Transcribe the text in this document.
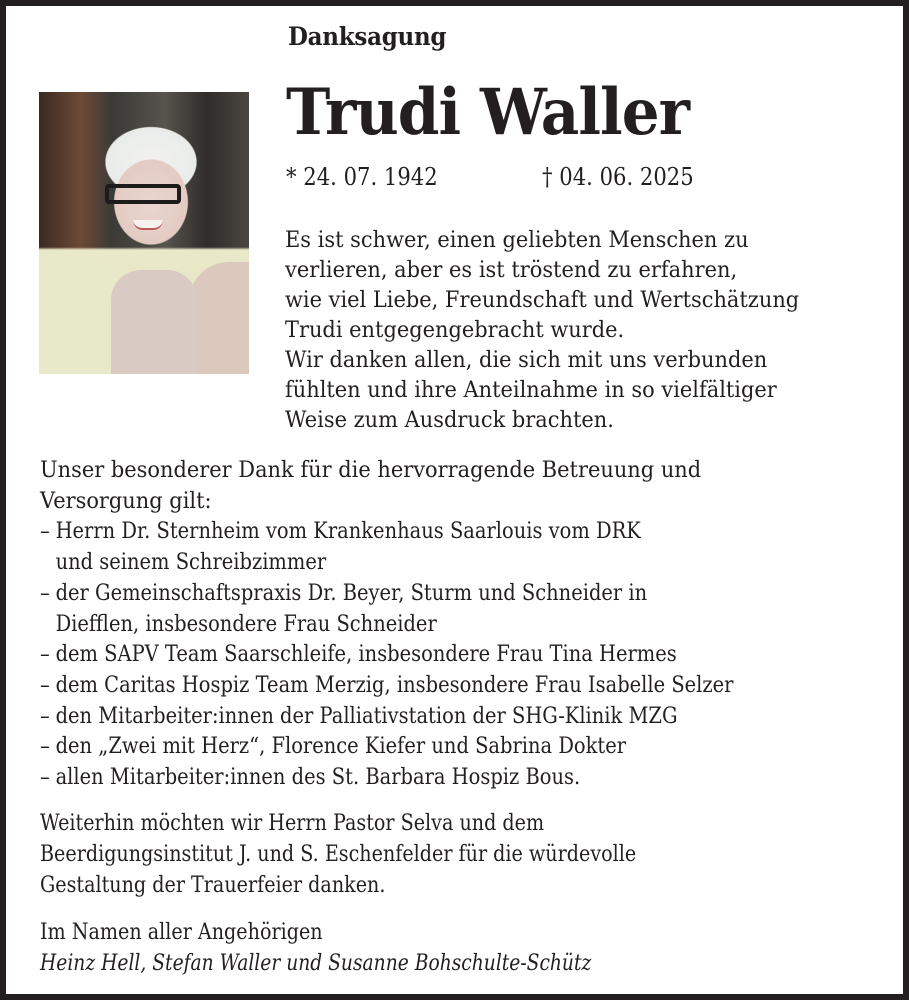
Danksagung
Trudi Waller
* 24. 07. 1942	† 04. 06. 2025
Es ist schwer, einen geliebten Menschen zu
verlieren, aber es ist tröstend zu erfahren,
wie viel Liebe, Freundschaft und Wertschätzung
Trudi entgegengebracht wurde.
Wir danken allen, die sich mit uns verbunden
fühlten und ihre Anteilnahme in so vielfältiger
Weise zum Ausdruck brachten.
Unser besonderer Dank für die hervorragende Betreuung und
Versorgung gilt:
– Herrn Dr. Sternheim vom Krankenhaus Saarlouis vom DRK
und seinem Schreibzimmer
– der Gemeinschaftspraxis Dr. Beyer, Sturm und Schneider in
Diefflen, insbesondere Frau Schneider
– dem SAPV Team Saarschleife, insbesondere Frau Tina Hermes
– dem Caritas Hospiz Team Merzig, insbesondere Frau Isabelle Selzer
– den Mitarbeiter:innen der Palliativstation der SHG-Klinik MZG
– den „Zwei mit Herz“, Florence Kiefer und Sabrina Dokter
– allen Mitarbeiter:innen des St. Barbara Hospiz Bous.
Weiterhin möchten wir Herrn Pastor Selva und dem
Beerdigungsinstitut J. und S. Eschenfelder für die würdevolle
Gestaltung der Trauerfeier danken.
Im Namen aller Angehörigen
Heinz Hell, Stefan Waller und Susanne Bohschulte-Schütz
